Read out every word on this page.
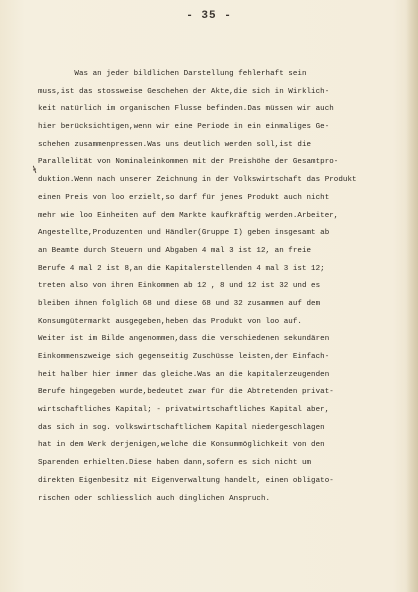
- 35 -
ɫ
Was an jeder bildlichen Darstellung fehlerhaft sein
muss,ist das stossweise Geschehen der Akte,die sich in Wirklich-
keit natürlich im organischen Flusse befinden.Das müssen wir auch
hier berücksichtigen,wenn wir eine Periode in ein einmaliges Ge-
schehen zusammenpressen.Was uns deutlich werden soll,ist die
Parallelität von Nominaleinkommen mit der Preishöhe der Gesamtpro-
duktion.Wenn nach unserer Zeichnung in der Volkswirtschaft das Produkt
einen Preis von loo erzielt,so darf für jenes Produkt auch nicht
mehr wie loo Einheiten auf dem Markte kaufkräftig werden.Arbeiter,
Angestellte,Produzenten und Händler(Gruppe I) geben insgesamt ab
an Beamte durch Steuern und Abgaben 4 mal 3 ist 12, an freie
Berufe 4 mal 2 ist 8,an die Kapitalerstellenden 4 mal 3 ist 12;
treten also von ihren Einkommen ab 12 , 8 und 12 ist 32 und es
bleiben ihnen folglich 68 und diese 68 und 32 zusammen auf dem
Konsumgütermarkt ausgegeben,heben das Produkt von loo auf.
Weiter ist im Bilde angenommen,dass die verschiedenen sekundären
Einkommenszweige sich gegenseitig Zuschüsse leisten,der Einfach-
heit halber hier immer das gleiche.Was an die kapitalerzeugenden
Berufe hingegeben wurde,bedeutet zwar für die Abtretenden privat-
wirtschaftliches Kapital; - privatwirtschaftliches Kapital aber,
das sich in sog. volkswirtschaftlichem Kapital niedergeschlagen
hat in dem Werk derjenigen,welche die Konsummöglichkeit von den
Sparenden erhielten.Diese haben dann,sofern es sich nicht um
direkten Eigenbesitz mit Eigenverwaltung handelt, einen obligato-
rischen oder schliesslich auch dinglichen Anspruch.
